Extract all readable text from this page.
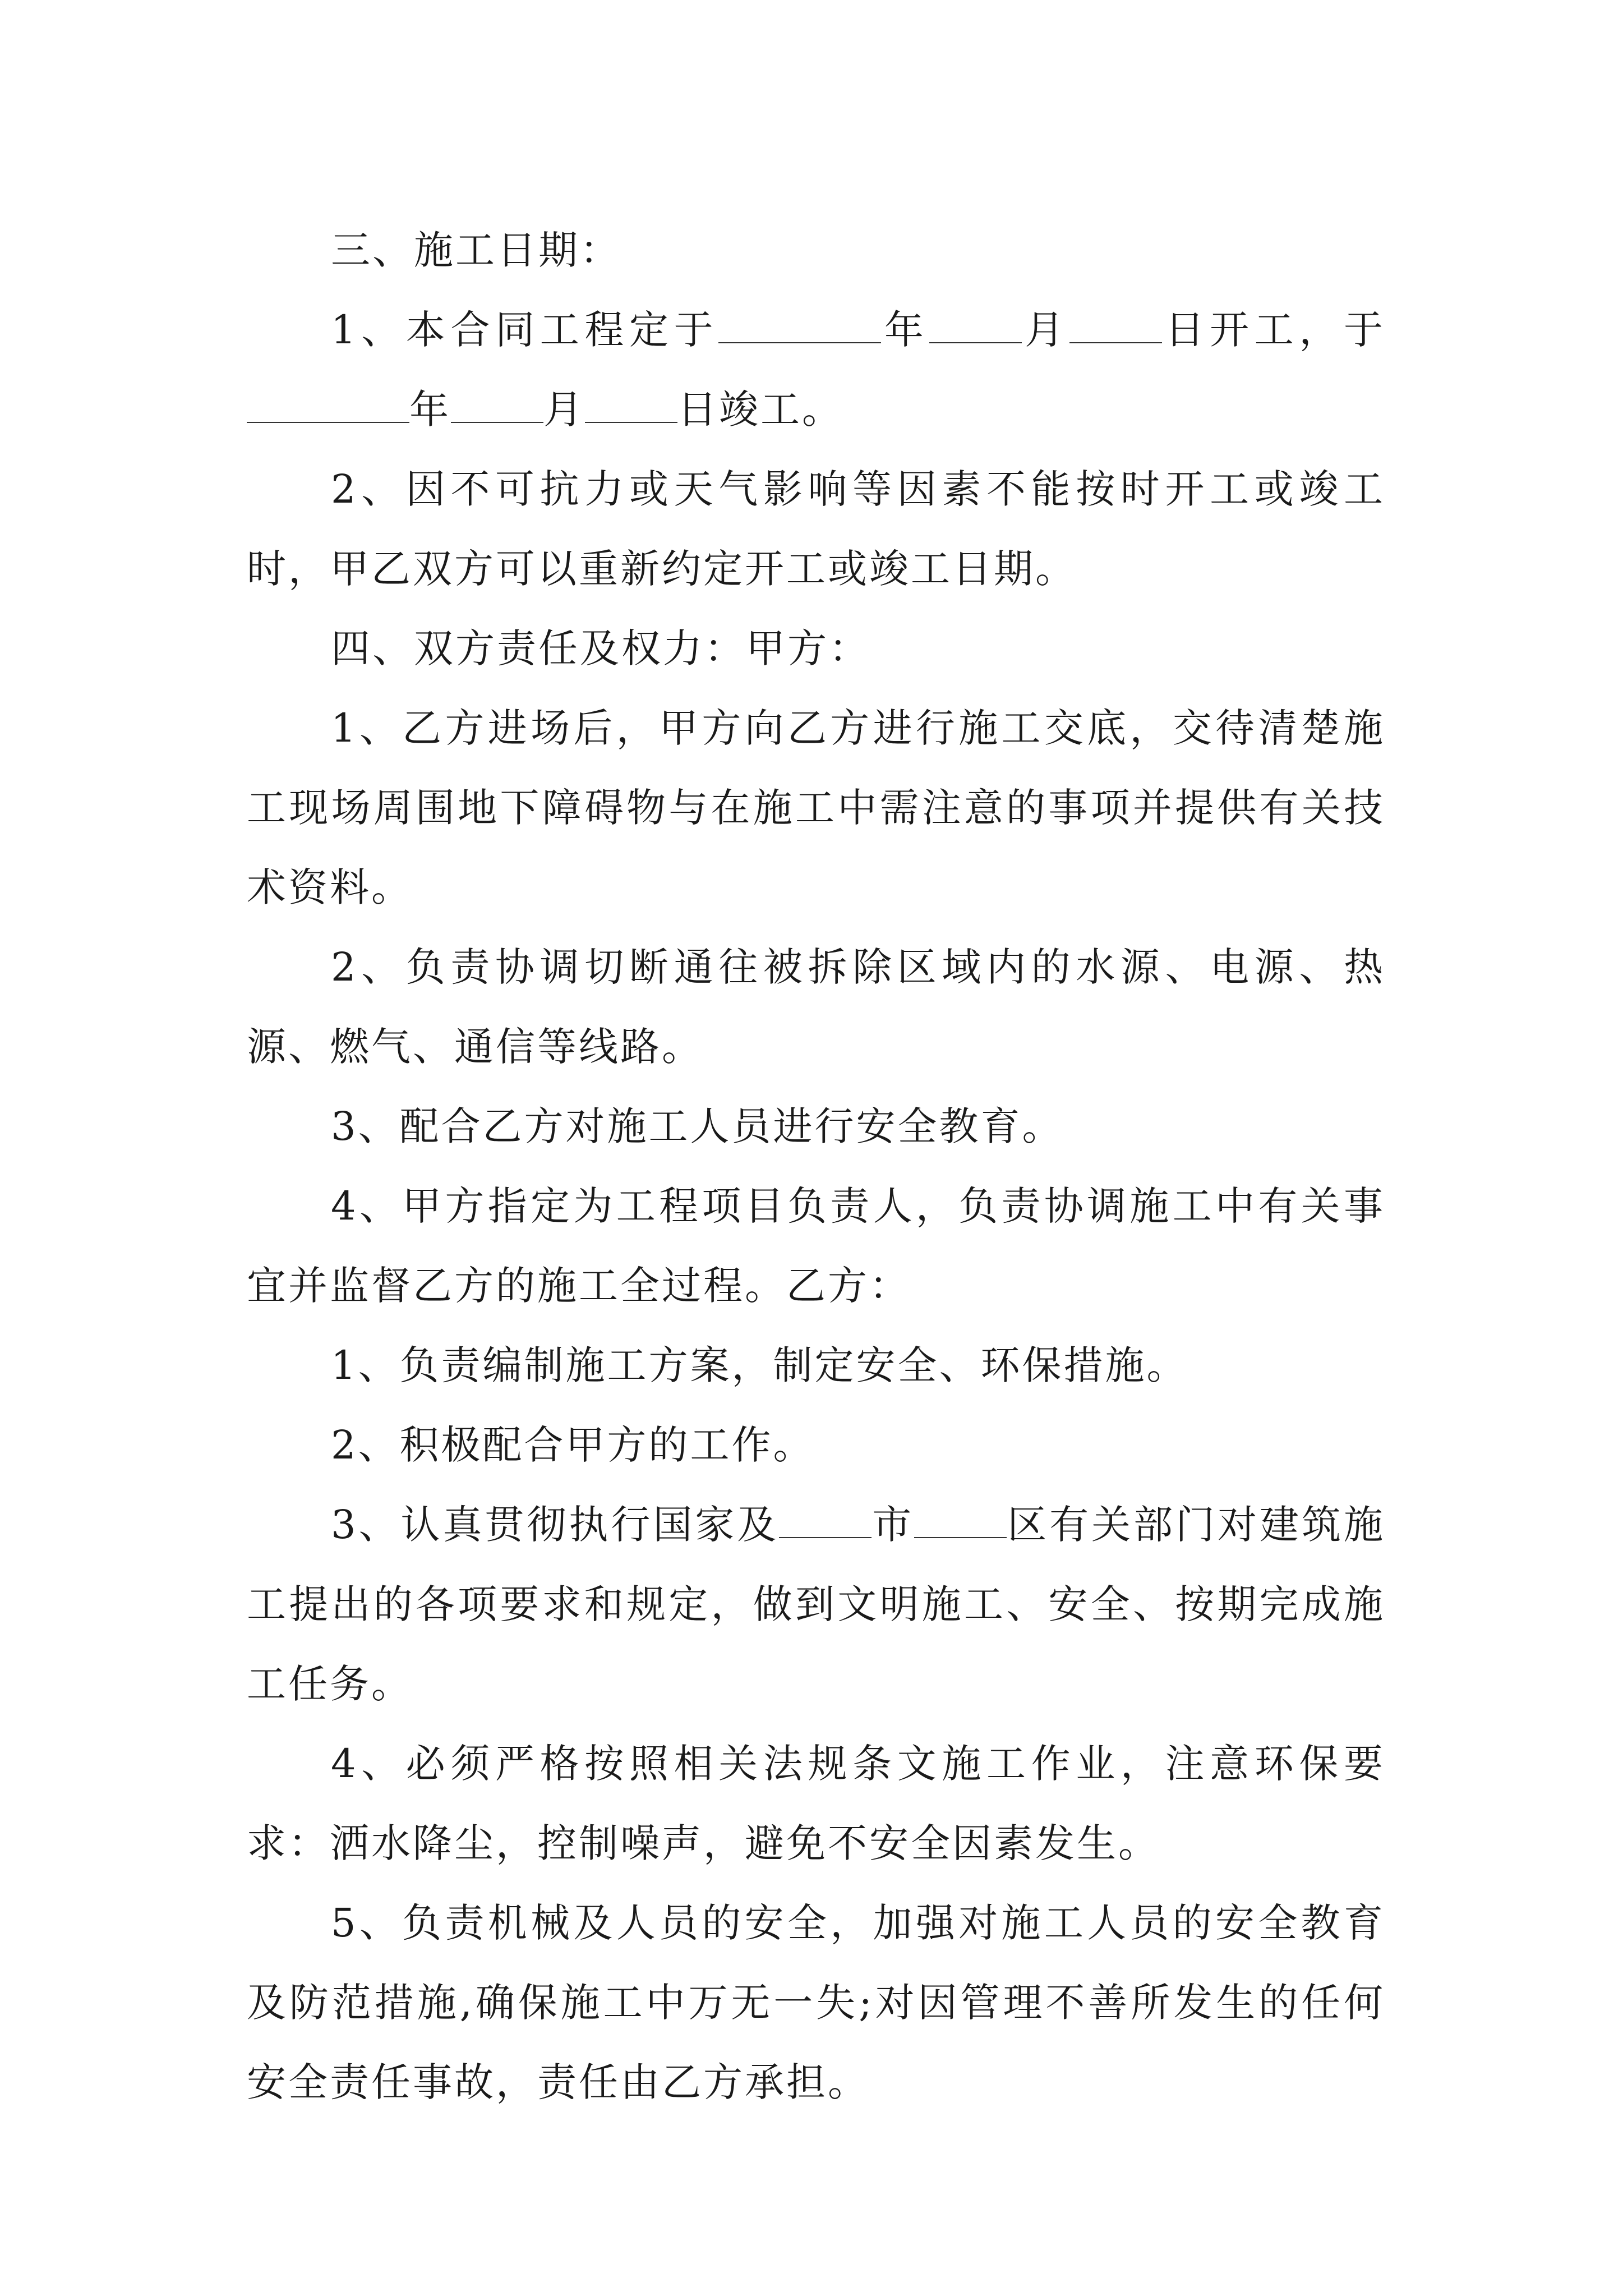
三、施工日期：

1、本合同工程定于	年 月 日开工，于年 月 日竣工。

2、因不可抗力或天气影响等因素不能按时开工或竣工时，甲乙双方可以重新约定开工或竣工日期。

四、双方责任及权力：甲方：

1、乙方进场后，甲方向乙方进行施工交底，交待清楚施工现场周围地下障碍物与在施工中需注意的事项并提供有关技术资料。

2、负责协调切断通往被拆除区域内的水源、电源、热源、燃气、通信等线路。

3、配合乙方对施工人员进行安全教育。

4、甲方指定为工程项目负责人，负责协调施工中有关事宜并监督乙方的施工全过程。乙方：

1、负责编制施工方案，制定安全、环保措施。

2、积极配合甲方的工作。

3、认真贯彻执行国家及 市 区有关部门对建筑施工提出的各项要求和规定，做到文明施工、安全、按期完成施工任务。

4、必须严格按照相关法规条文施工作业，注意环保要求：洒水降尘，控制噪声，避免不安全因素发生。

5、负责机械及人员的安全，加强对施工人员的安全教育及防范措施,确保施工中万无一失;对因管理不善所发生的任何安全责任事故，责任由乙方承担。
